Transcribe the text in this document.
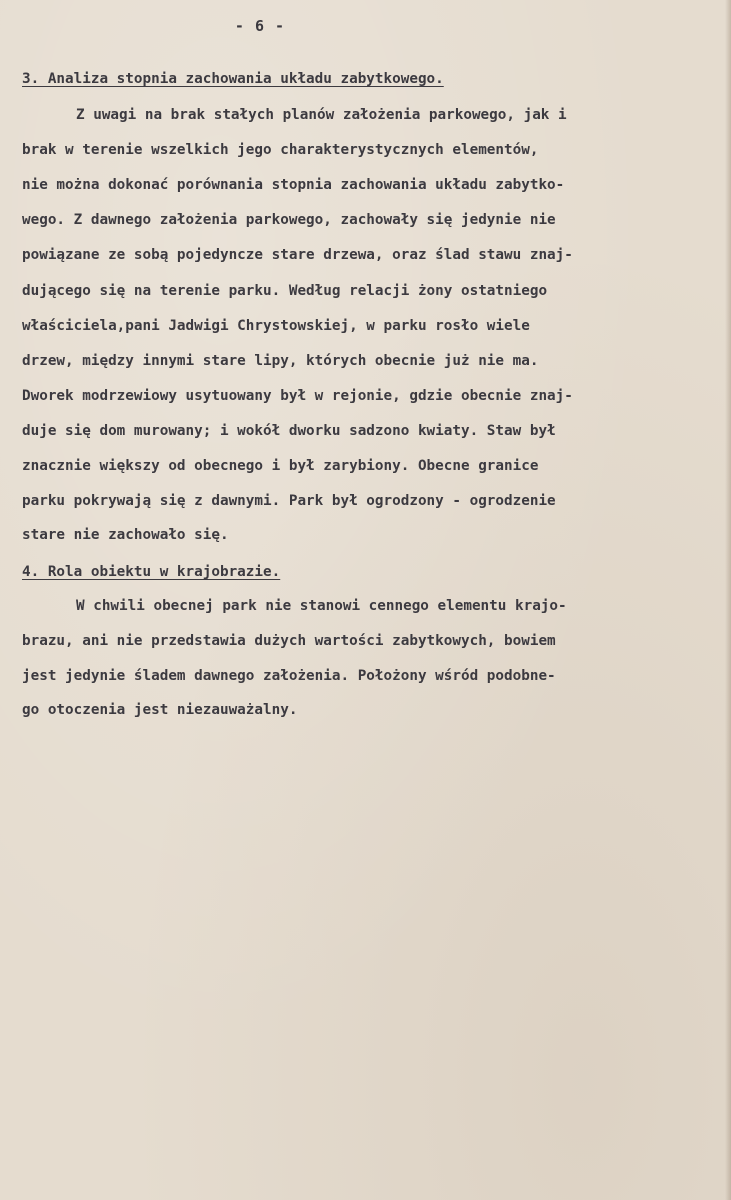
- 6 -
3. Analiza stopnia zachowania układu zabytkowego.
Z uwagi na brak stałych planów założenia parkowego, jak i
brak w terenie wszelkich jego charakterystycznych elementów,
nie można dokonać porównania stopnia zachowania układu zabytko-
wego. Z dawnego założenia parkowego, zachowały się jedynie nie
powiązane ze sobą pojedyncze stare drzewa, oraz ślad stawu znaj-
dującego się na terenie parku. Według relacji żony ostatniego
właściciela,pani Jadwigi Chrystowskiej, w parku rosło wiele
drzew, między innymi stare lipy, których obecnie już nie ma.
Dworek modrzewiowy usytuowany był w rejonie, gdzie obecnie znaj-
duje się dom murowany; i wokół dworku sadzono kwiaty. Staw był
znacznie większy od obecnego i był zarybiony. Obecne granice
parku pokrywają się z dawnymi. Park był ogrodzony - ogrodzenie
stare nie zachowało się.
4. Rola obiektu w krajobrazie.
W chwili obecnej park nie stanowi cennego elementu krajo-
brazu, ani nie przedstawia dużych wartości zabytkowych, bowiem
jest jedynie śladem dawnego założenia. Położony wśród podobne-
go otoczenia jest niezauważalny.
